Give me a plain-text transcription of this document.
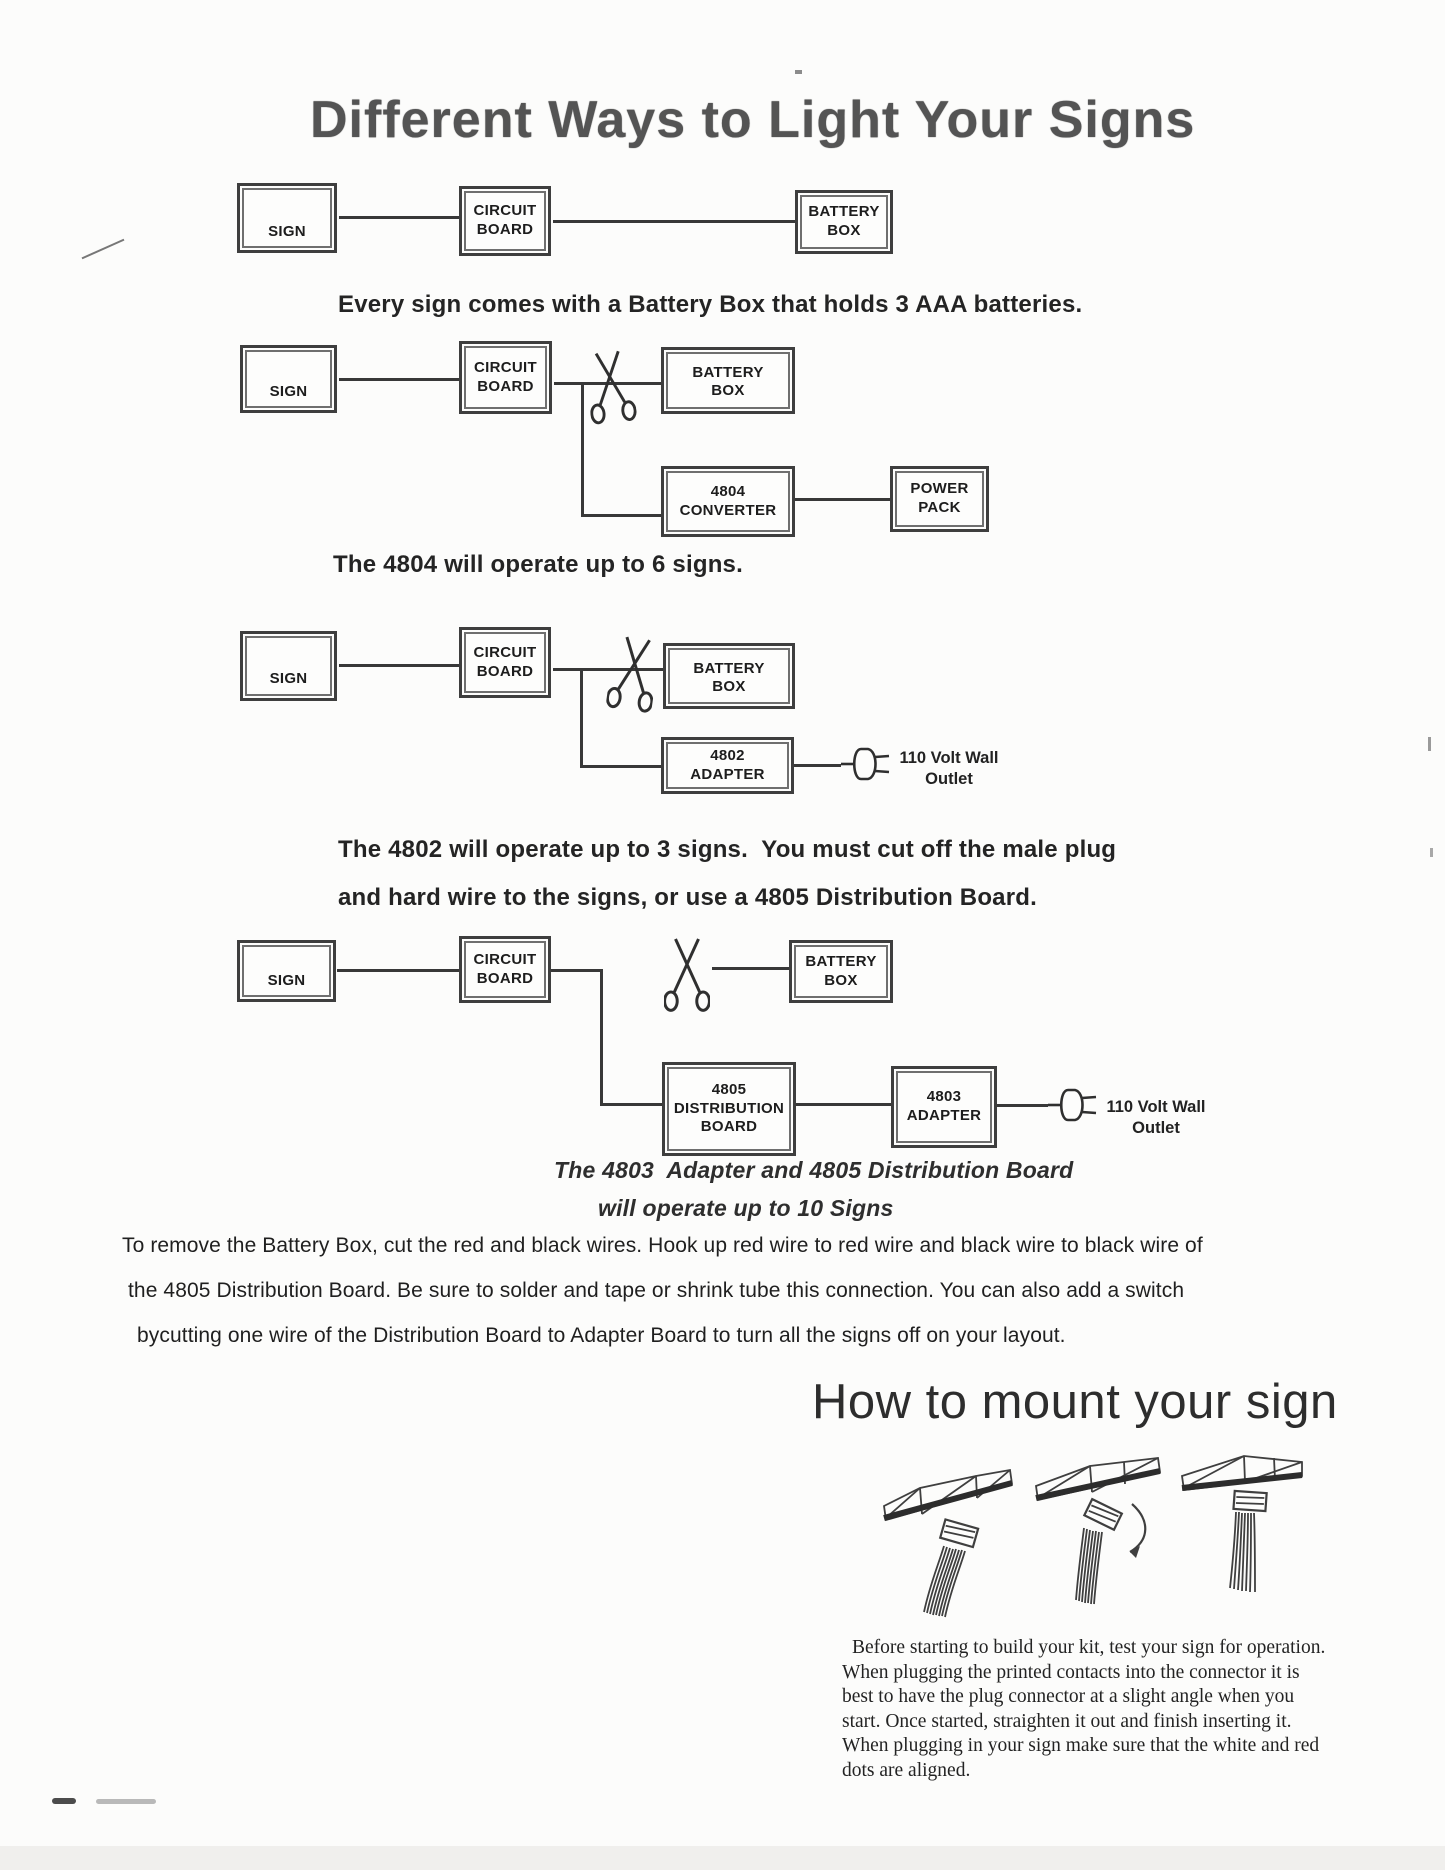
Different Ways to Light Your Signs
SIGN
CIRCUIT BOARD
BATTERY BOX
Every sign comes with a Battery Box that holds 3 AAA batteries.
SIGN
CIRCUIT BOARD
BATTERY BOX
4804 CONVERTER
POWER PACK
The 4804 will operate up to 6 signs.
SIGN
CIRCUIT BOARD	BATTERY BOX
4802 ADAPTER
110 Volt Wall Outlet
The 4802 will operate up to 3 signs.  You must cut off the male plug
and hard wire to the signs, or use a 4805 Distribution Board.
SIGN
CIRCUIT BOARD
BATTERY BOX
4805 DISTRIBUTION BOARD
4803 ADAPTER	110 Volt Wall Outlet
The 4803  Adapter and 4805 Distribution Board
will operate up to 10 Signs
To remove the Battery Box, cut the red and black wires. Hook up red wire to red wire and black wire to black wire of
the 4805 Distribution Board. Be sure to solder and tape or shrink tube this connection. You can also add a switch
bycutting one wire of the Distribution Board to Adapter Board to turn all the signs off on your layout.
How to mount your sign
Before starting to build your kit, test your sign for operation.
When plugging the printed contacts into the connector it is
best to have the plug connector at a slight angle when you
start. Once started, straighten it out and finish inserting it.
When plugging in your sign make sure that the white and red
dots are aligned.
